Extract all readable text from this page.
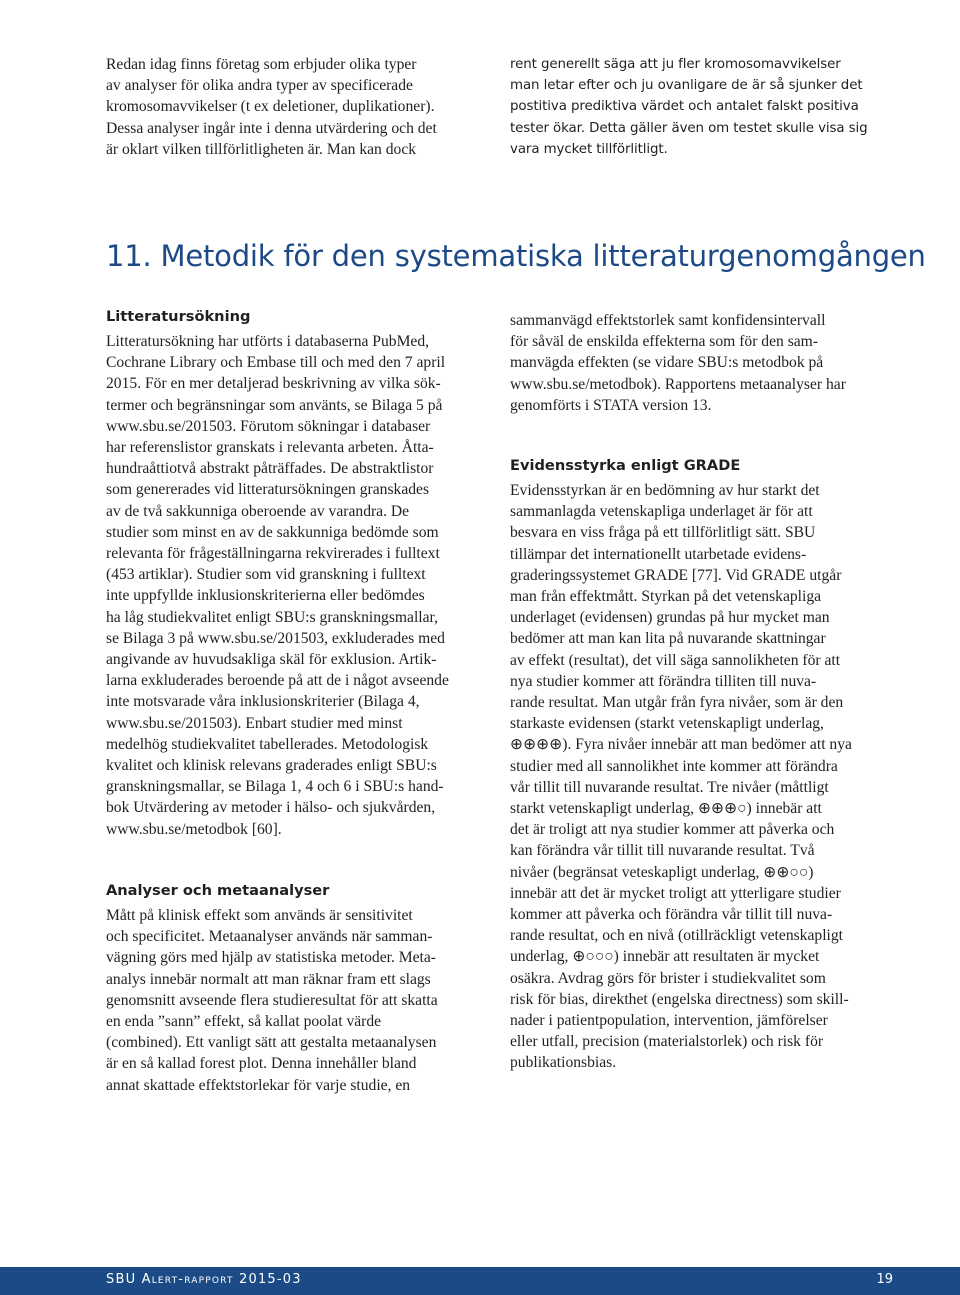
Redan idag finns företag som erbjuder olika typer
av analyser för olika andra typer av specificerade
kromosomavvikelser (t ex deletioner, duplikationer).
Dessa analyser ingår inte i denna utvärdering och det
är oklart vilken tillförlitligheten är. Man kan dock

rent generellt säga att ju fler kromosomavvikelser
man letar efter och ju ovanligare de är så sjunker det
postitiva prediktiva värdet och antalet falskt positiva
tester ökar. Detta gäller även om testet skulle visa sig
vara mycket tillförlitligt.

11. Metodik för den systematiska litteraturgenomgången
Litteratursökning

Litteratursökning har utförts i databaserna PubMed,
Cochrane Library och Embase till och med den 7 april
2015. För en mer detaljerad beskrivning av vilka sök-
termer och begränsningar som använts, se Bilaga 5 på
www.sbu.se/201503. Förutom sökningar i databaser
har referenslistor granskats i relevanta arbeten. Åtta-
hundraåttiotvå abstrakt påträffades. De abstraktlistor
som genererades vid litteratursökningen granskades
av de två sakkunniga oberoende av varandra. De
studier som minst en av de sakkunniga bedömde som
relevanta för frågeställningarna rekvirerades i fulltext
(453 artiklar). Studier som vid granskning i fulltext
inte uppfyllde inklusionskriterierna eller bedömdes
ha låg studiekvalitet enligt SBU:s granskningsmallar,
se Bilaga 3 på www.sbu.se/201503, exkluderades med
angivande av huvudsakliga skäl för exklusion. Artik-
larna exkluderades beroende på att de i något avseende
inte motsvarade våra inklusionskriterier (Bilaga 4,
www.sbu.se/201503). Enbart studier med minst
medelhög studiekvalitet tabellerades. Metodologisk
kvalitet och klinisk relevans graderades enligt SBU:s
granskningsmallar, se Bilaga 1, 4 och 6 i SBU:s hand-
bok Utvärdering av metoder i hälso- och sjukvården,
www.sbu.se/metodbok [60].

Analyser och metaanalyser

Mått på klinisk effekt som används är sensitivitet
och specificitet. Metaanalyser används när samman-
vägning görs med hjälp av statistiska metoder. Meta-
analys innebär normalt att man räknar fram ett slags
genomsnitt avseende flera studieresultat för att skatta
en enda ”sann” effekt, så kallat poolat värde
(combined). Ett vanligt sätt att gestalta metaanalysen
är en så kallad forest plot. Denna innehåller bland
annat skattade effektstorlekar för varje studie, en

sammanvägd effektstorlek samt konfidensintervall
för såväl de enskilda effekterna som för den sam-
manvägda effekten (se vidare SBU:s metodbok på
www.sbu.se/metodbok). Rapportens metaanalyser har
genomförts i STATA version 13.

Evidensstyrka enligt GRADE

Evidensstyrkan är en bedömning av hur starkt det
sammanlagda vetenskapliga underlaget är för att
besvara en viss fråga på ett tillförlitligt sätt. SBU
tillämpar det internationellt utarbetade evidens-
graderingssystemet GRADE [77]. Vid GRADE utgår
man från effektmått. Styrkan på det vetenskapliga
underlaget (evidensen) grundas på hur mycket man
bedömer att man kan lita på nuvarande skattningar
av effekt (resultat), det vill säga sannolikheten för att
nya studier kommer att förändra tilliten till nuva-
rande resultat. Man utgår från fyra nivåer, som är den
starkaste evidensen (starkt vetenskapligt underlag,
⊕⊕⊕⊕). Fyra nivåer innebär att man bedömer att nya
studier med all sannolikhet inte kommer att förändra
vår tillit till nuvarande resultat. Tre nivåer (måttligt
starkt vetenskapligt underlag, ⊕⊕⊕○) innebär att
det är troligt att nya studier kommer att påverka och
kan förändra vår tillit till nuvarande resultat. Två
nivåer (begränsat veteskapligt underlag, ⊕⊕○○)
innebär att det är mycket troligt att ytterligare studier
kommer att påverka och förändra vår tillit till nuva-
rande resultat, och en nivå (otillräckligt vetenskapligt
underlag, ⊕○○○) innebär att resultaten är mycket
osäkra. Avdrag görs för brister i studiekvalitet som
risk för bias, direkthet (engelska directness) som skill-
nader i patientpopulation, intervention, jämförelser
eller utfall, precision (materialstorlek) och risk för
publikationsbias.

SBU Alert-rapport 2015-03	19
